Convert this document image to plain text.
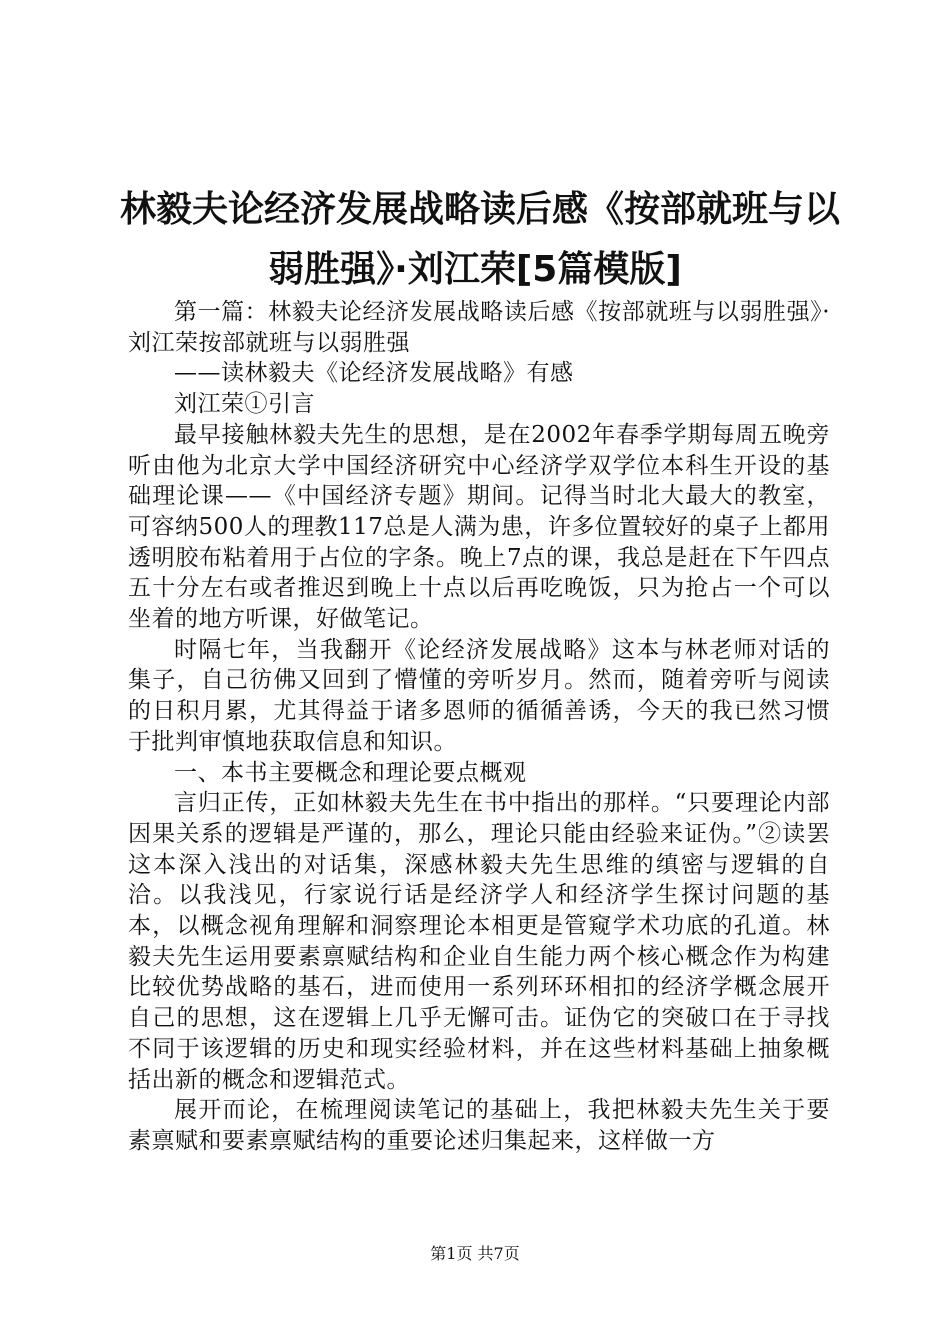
林毅夫论经济发展战略读后感《按部就班与以
弱胜强》·刘江荣[5篇模版]

第一篇：林毅夫论经济发展战略读后感《按部就班与以弱胜强》·刘江荣按部就班与以弱胜强

——读林毅夫《论经济发展战略》有感

刘江荣①引言

最早接触林毅夫先生的思想，是在2002年春季学期每周五晚旁听由他为北京大学中国经济研究中心经济学双学位本科生开设的基础理论课——《中国经济专题》期间。记得当时北大最大的教室，可容纳500人的理教117总是人满为患，许多位置较好的桌子上都用透明胶布粘着用于占位的字条。晚上7点的课，我总是赶在下午四点五十分左右或者推迟到晚上十点以后再吃晚饭，只为抢占一个可以坐着的地方听课，好做笔记。

时隔七年，当我翻开《论经济发展战略》这本与林老师对话的集子，自己彷佛又回到了懵懂的旁听岁月。然而，随着旁听与阅读的日积月累，尤其得益于诸多恩师的循循善诱，今天的我已然习惯于批判审慎地获取信息和知识。

一、本书主要概念和理论要点概观

言归正传，正如林毅夫先生在书中指出的那样。“只要理论内部因果关系的逻辑是严谨的，那么，理论只能由经验来证伪。”②读罢这本深入浅出的对话集，深感林毅夫先生思维的缜密与逻辑的自洽。以我浅见，行家说行话是经济学人和经济学生探讨问题的基本，以概念视角理解和洞察理论本相更是管窥学术功底的孔道。林毅夫先生运用要素禀赋结构和企业自生能力两个核心概念作为构建比较优势战略的基石，进而使用一系列环环相扣的经济学概念展开自己的思想，这在逻辑上几乎无懈可击。证伪它的突破口在于寻找不同于该逻辑的历史和现实经验材料，并在这些材料基础上抽象概括出新的概念和逻辑范式。

展开而论，在梳理阅读笔记的基础上，我把林毅夫先生关于要素禀赋和要素禀赋结构的重要论述归集起来，这样做一方

第1页 共7页
